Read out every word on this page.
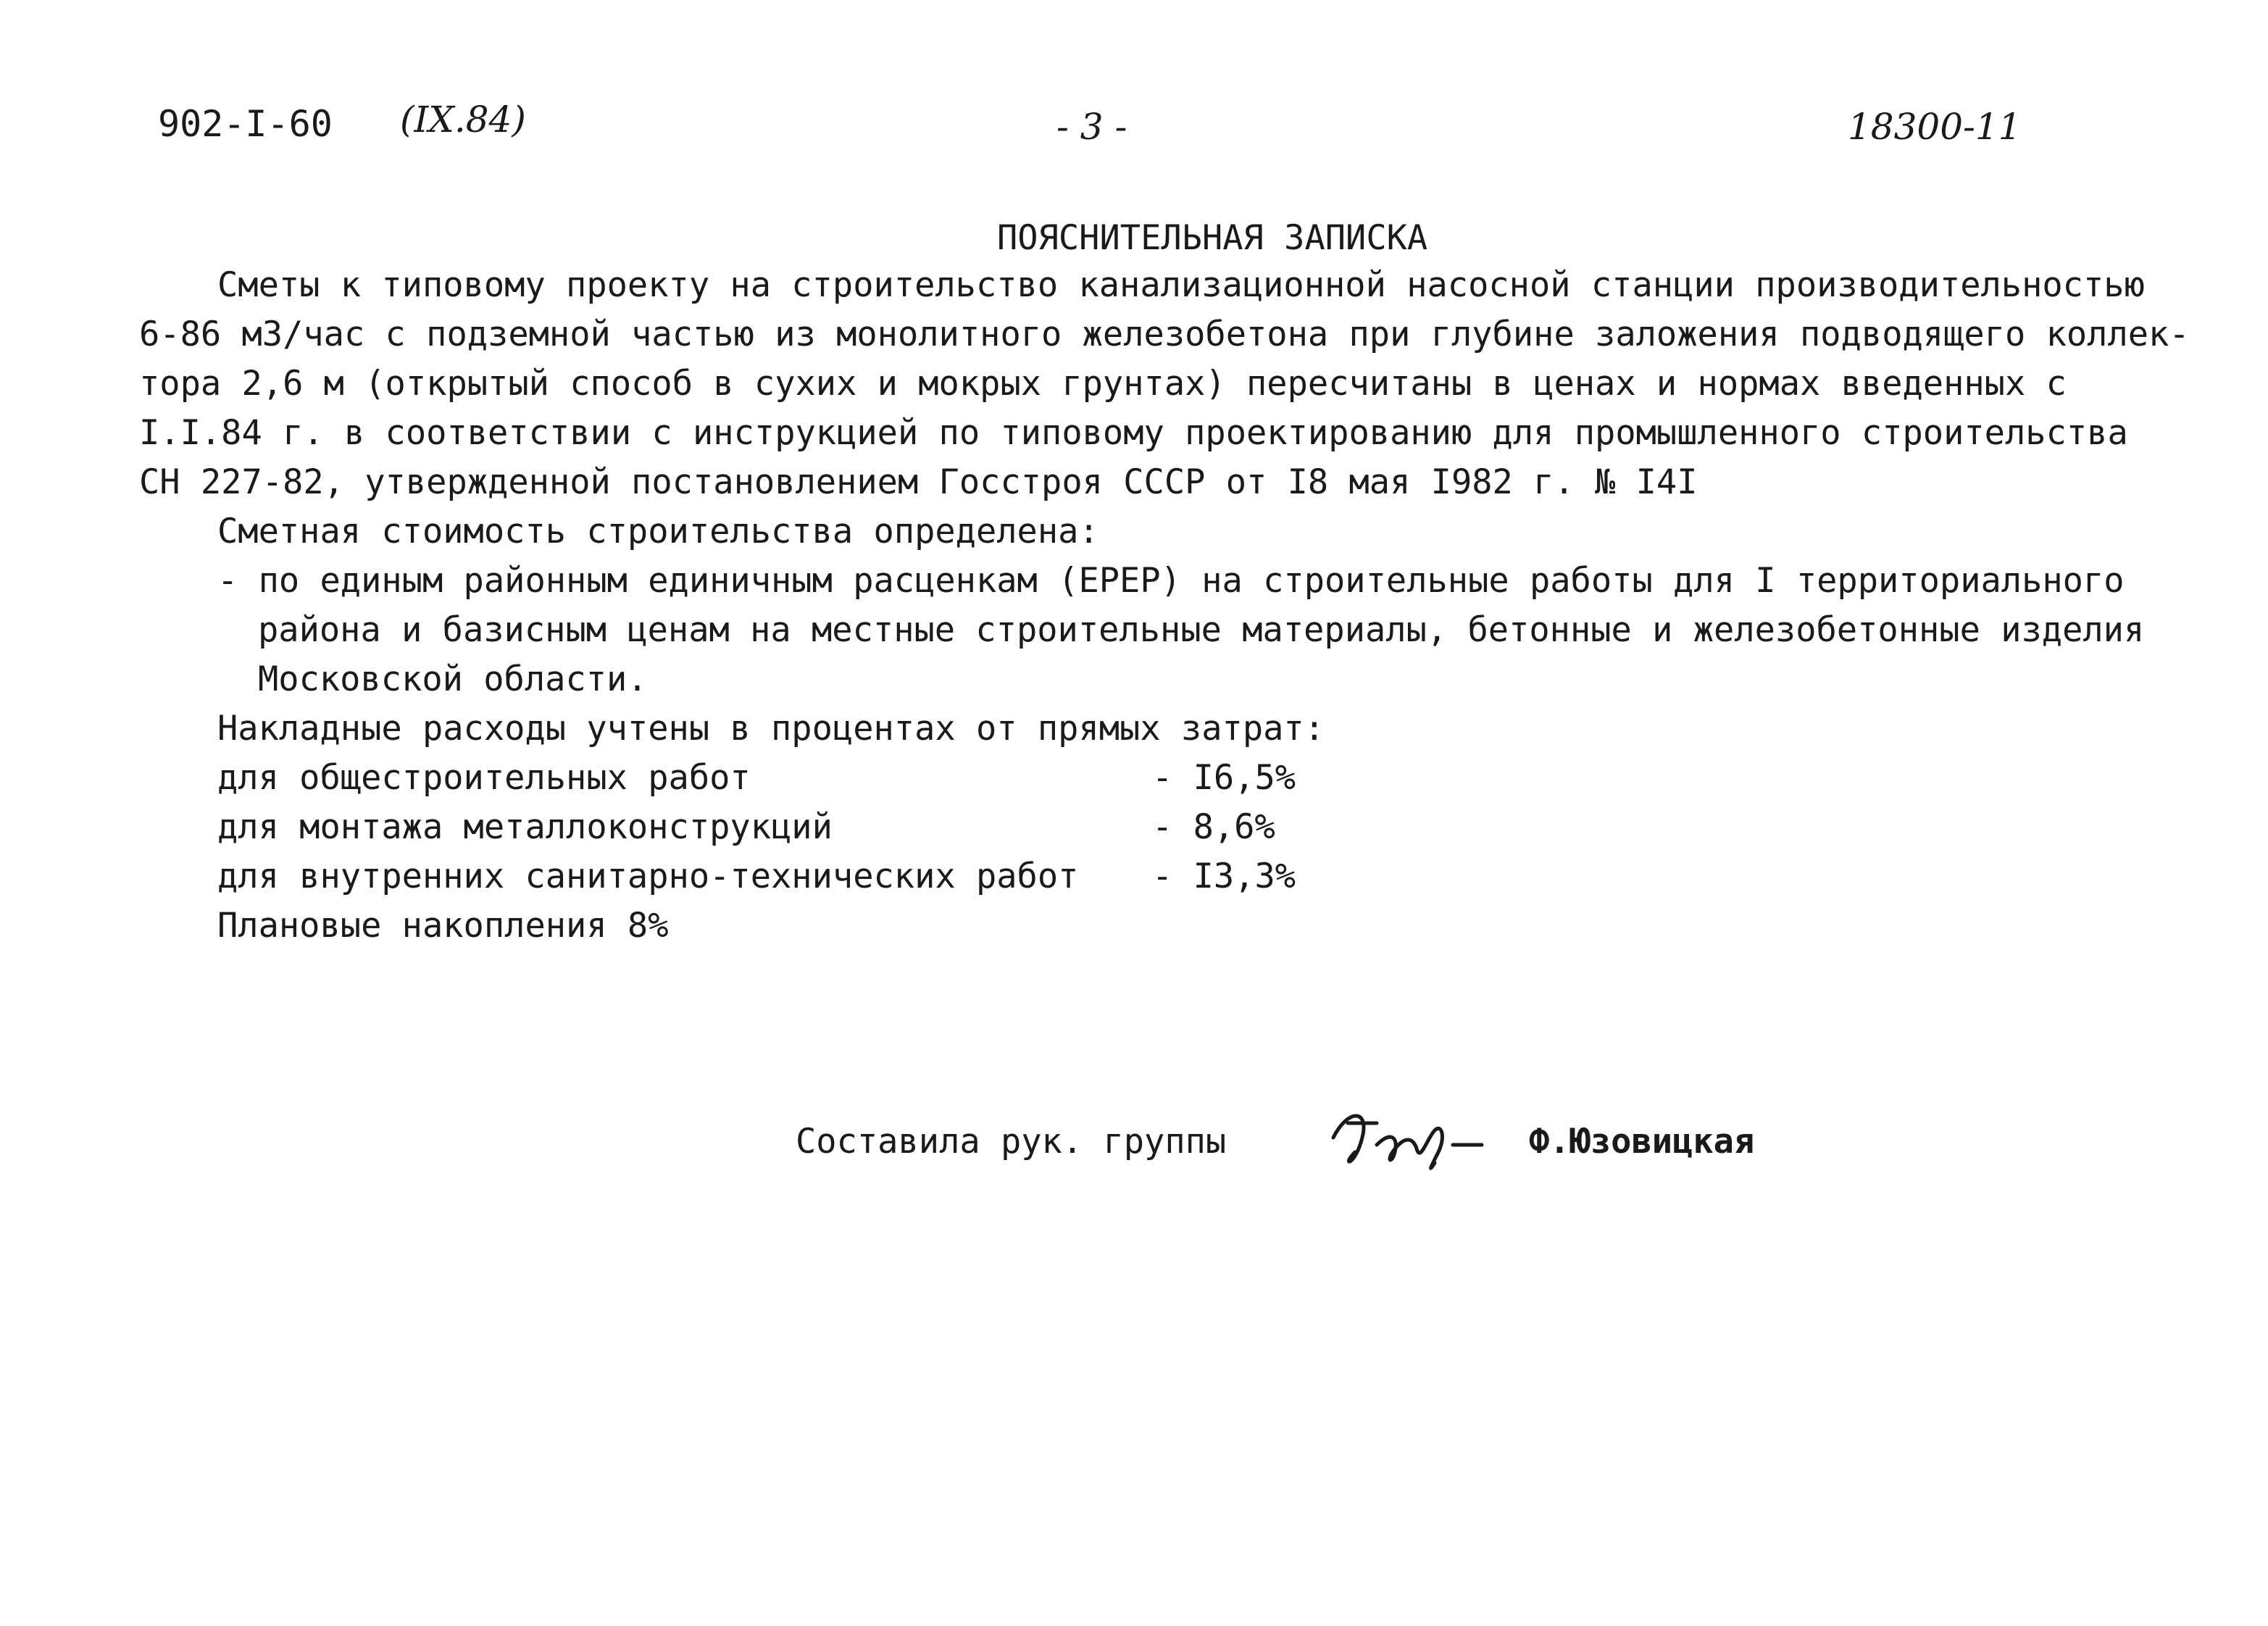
902-I-60 (IX.84)	- 3 -	18300-11
ПОЯСНИТЕЛЬНАЯ ЗАПИСКА
Сметы к типовому проекту на строительство канализационной насосной станции производительностью
6-86 м3/час с подземной частью из монолитного железобетона при глубине заложения подводящего коллек-
тора 2,6 м (открытый способ в сухих и мокрых грунтах) пересчитаны в ценах и нормах введенных с
I.I.84 г. в соответствии с инструкцией по типовому проектированию для промышленного строительства
СН 227-82, утвержденной постановлением Госстроя СССР от I8 мая I982 г. № I4I
Сметная стоимость строительства определена:
- по единым районным единичным расценкам (ЕРЕР) на строительные работы для I территориального
района и базисным ценам на местные строительные материалы, бетонные и железобетонные изделия
Московской области.
Накладные расходы учтены в процентах от прямых затрат:
для общестроительных работ	- I6,5%
для монтажа металлоконструкций	- 8,6%
для внутренних санитарно-технических работ - I3,3%
Плановые накопления 8%
Составила рук. группы	Ф.Юзовицкая
